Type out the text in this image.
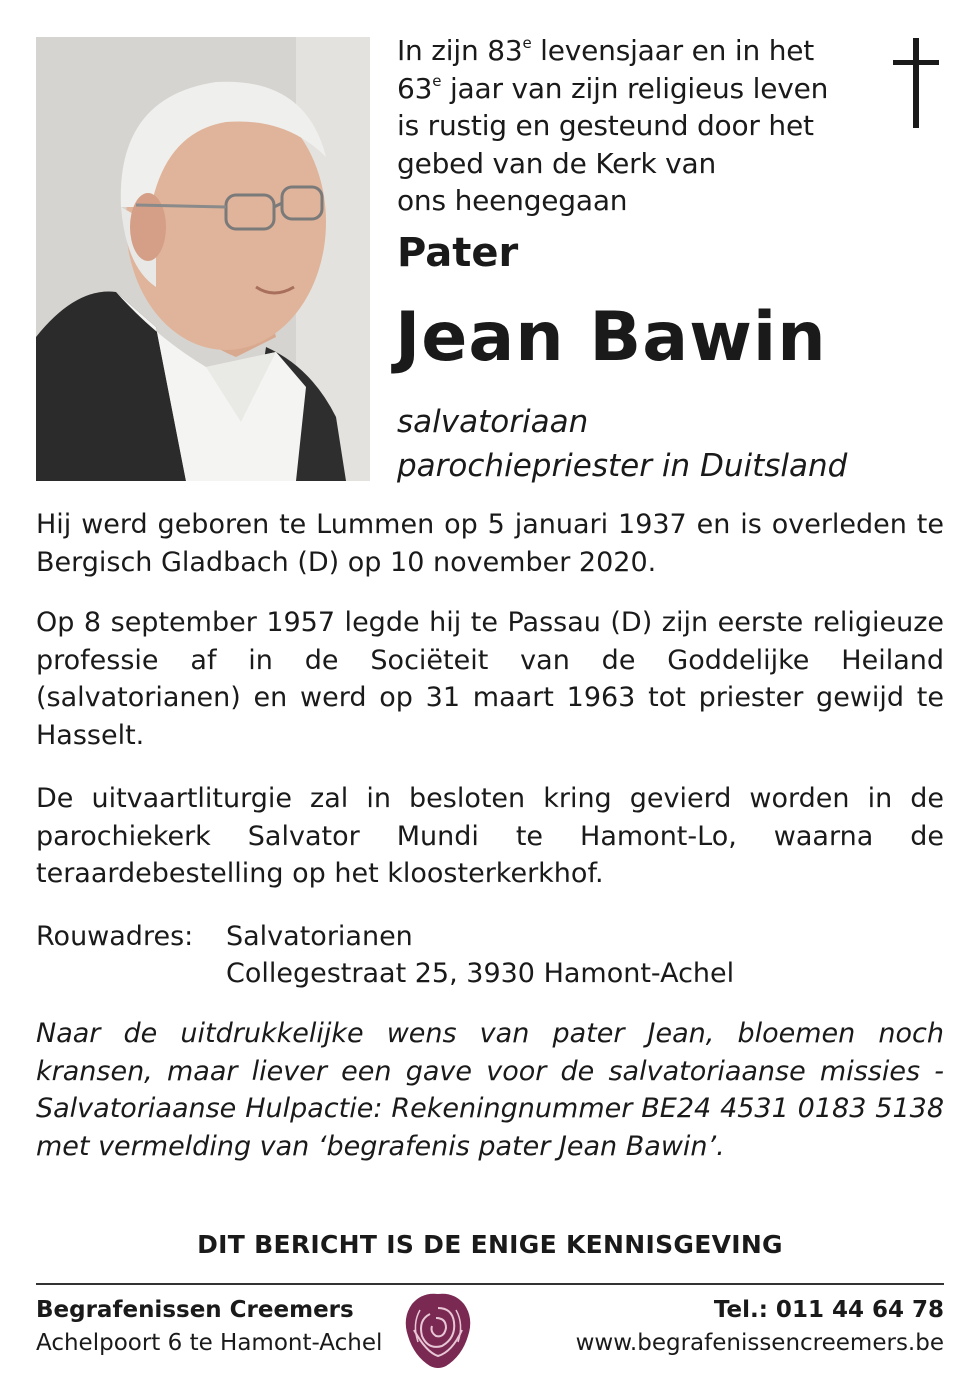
In zijn 83e levensjaar en in het

63e jaar van zijn religieus leven

is rustig en gesteund door het

gebed van de Kerk van

ons heengegaan

Pater
Jean Bawin

salvatoriaan

parochiepriester in Duitsland

Hij werd geboren te Lummen op 5 januari 1937 en is overleden te Bergisch Gladbach (D) op 10 november 2020.

Op 8 september 1957 legde hij te Passau (D) zijn eerste religieuze professie af in de Sociëteit van de Goddelijke Heiland (salvatorianen) en werd op 31 maart 1963 tot priester gewijd te Hasselt.

De uitvaartliturgie zal in besloten kring gevierd worden in de parochiekerk Salvator Mundi te Hamont-Lo, waarna de teraardebestelling op het kloosterkerkhof.

Rouwadres:	Salvatorianen
Collegestraat 25, 3930 Hamont-Achel

Naar de uitdrukkelijke wens van pater Jean, bloemen noch kransen, maar liever een gave voor de salvatoriaanse missies - Salvatoriaanse Hulpactie: Rekeningnummer BE24 4531 0183 5138 met vermelding van ‘begrafenis pater Jean Bawin’.

DIT BERICHT IS DE ENIGE KENNISGEVING
Begrafenissen Creemers
Achelpoort 6 te Hamont-Achel
Tel.: 011 44 64 78
www.begrafenissencreemers.be
